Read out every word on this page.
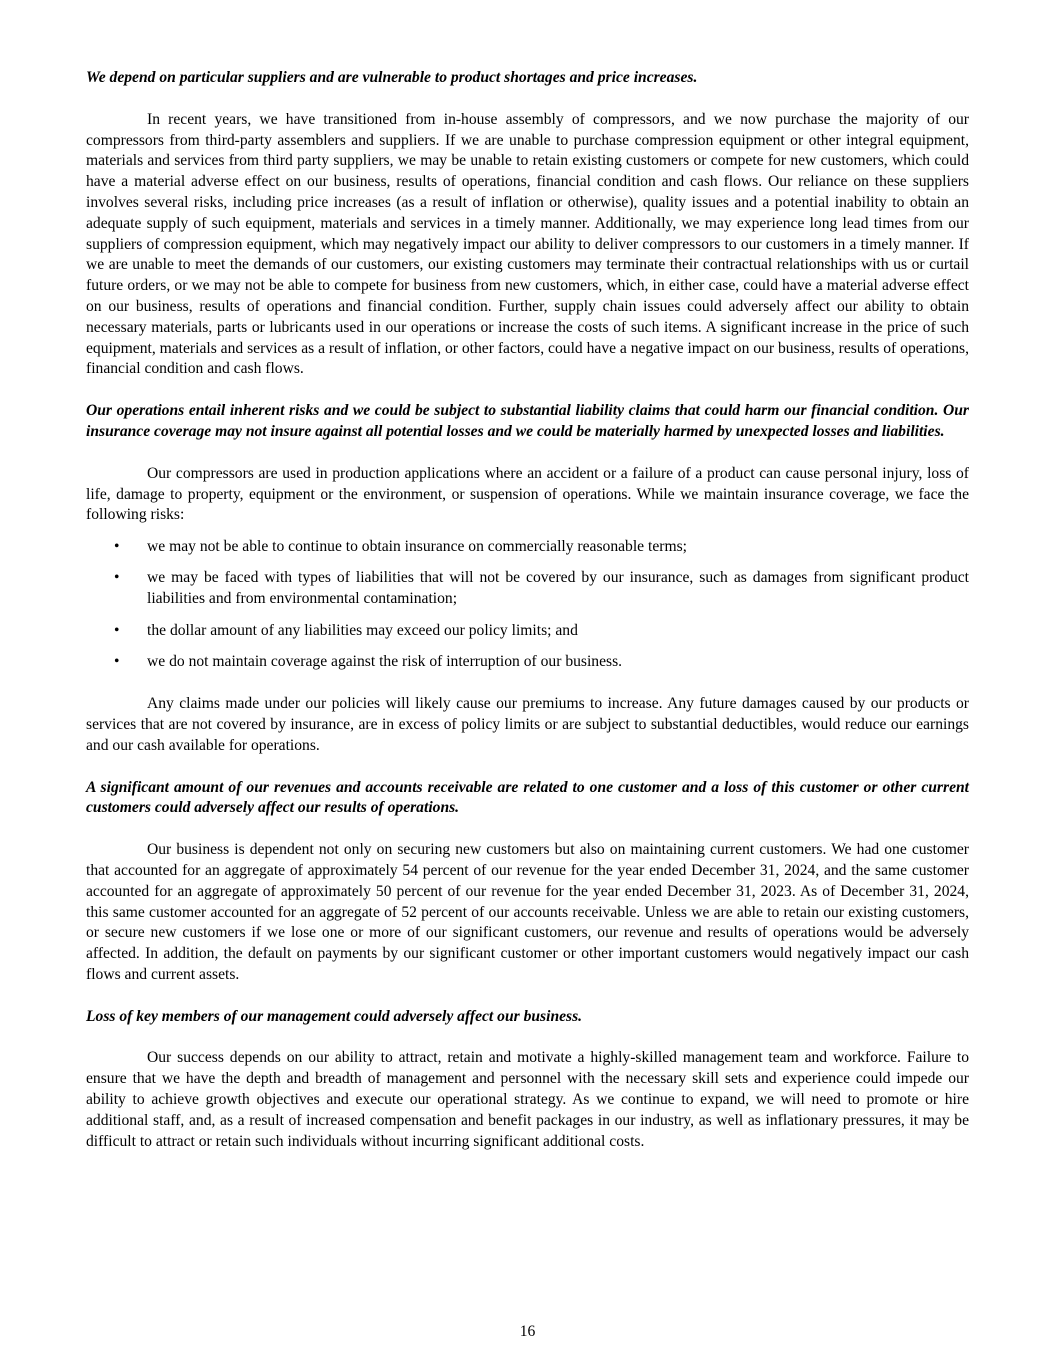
We depend on particular suppliers and are vulnerable to product shortages and price increases.

In recent years, we have transitioned from in-house assembly of compressors, and we now purchase the majority of our compressors from third-party assemblers and suppliers. If we are unable to purchase compression equipment or other integral equipment, materials and services from third party suppliers, we may be unable to retain existing customers or compete for new customers, which could have a material adverse effect on our business, results of operations, financial condition and cash flows. Our reliance on these suppliers involves several risks, including price increases (as a result of inflation or otherwise), quality issues and a potential inability to obtain an adequate supply of such equipment, materials and services in a timely manner. Additionally, we may experience long lead times from our suppliers of compression equipment, which may negatively impact our ability to deliver compressors to our customers in a timely manner. If we are unable to meet the demands of our customers, our existing customers may terminate their contractual relationships with us or curtail future orders, or we may not be able to compete for business from new customers, which, in either case, could have a material adverse effect on our business, results of operations and financial condition. Further, supply chain issues could adversely affect our ability to obtain necessary materials, parts or lubricants used in our operations or increase the costs of such items. A significant increase in the price of such equipment, materials and services as a result of inflation, or other factors, could have a negative impact on our business, results of operations, financial condition and cash flows.

Our operations entail inherent risks and we could be subject to substantial liability claims that could harm our financial condition. Our insurance coverage may not insure against all potential losses and we could be materially harmed by unexpected losses and liabilities.

Our compressors are used in production applications where an accident or a failure of a product can cause personal injury, loss of life, damage to property, equipment or the environment, or suspension of operations. While we maintain insurance coverage, we face the following risks:

• we may not be able to continue to obtain insurance on commercially reasonable terms;
• we may be faced with types of liabilities that will not be covered by our insurance, such as damages from significant product liabilities and from environmental contamination;
• the dollar amount of any liabilities may exceed our policy limits; and
• we do not maintain coverage against the risk of interruption of our business.

Any claims made under our policies will likely cause our premiums to increase. Any future damages caused by our products or services that are not covered by insurance, are in excess of policy limits or are subject to substantial deductibles, would reduce our earnings and our cash available for operations.

A significant amount of our revenues and accounts receivable are related to one customer and a loss of this customer or other current customers could adversely affect our results of operations.

Our business is dependent not only on securing new customers but also on maintaining current customers. We had one customer that accounted for an aggregate of approximately 54 percent of our revenue for the year ended December 31, 2024, and the same customer accounted for an aggregate of approximately 50 percent of our revenue for the year ended December 31, 2023. As of December 31, 2024, this same customer accounted for an aggregate of 52 percent of our accounts receivable. Unless we are able to retain our existing customers, or secure new customers if we lose one or more of our significant customers, our revenue and results of operations would be adversely affected. In addition, the default on payments by our significant customer or other important customers would negatively impact our cash flows and current assets.

Loss of key members of our management could adversely affect our business.

Our success depends on our ability to attract, retain and motivate a highly-skilled management team and workforce. Failure to ensure that we have the depth and breadth of management and personnel with the necessary skill sets and experience could impede our ability to achieve growth objectives and execute our operational strategy. As we continue to expand, we will need to promote or hire additional staff, and, as a result of increased compensation and benefit packages in our industry, as well as inflationary pressures, it may be difficult to attract or retain such individuals without incurring significant additional costs.

16
